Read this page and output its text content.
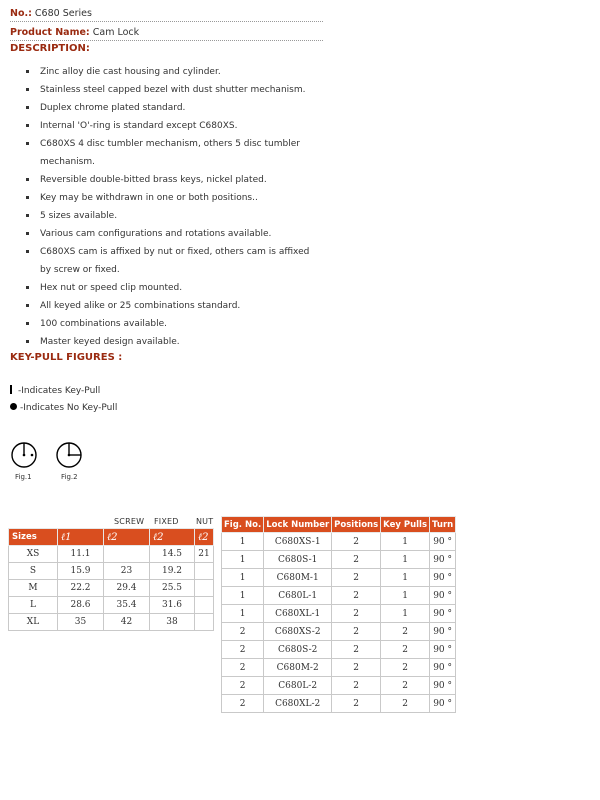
No.: C680 Series
Product Name: Cam Lock
DESCRIPTION:
Zinc alloy die cast housing and cylinder.
Stainless steel capped bezel with dust shutter mechanism.
Duplex chrome plated standard.
Internal 'O'-ring is standard except C680XS.
C680XS 4 disc tumbler mechanism, others 5 disc tumbler mechanism.
Reversible double-bitted brass keys, nickel plated.
Key may be withdrawn in one or both positions..
5 sizes available.
Various cam configurations and rotations available.
C680XS cam is affixed by nut or fixed, others cam is affixed by screw or fixed.
Hex nut or speed clip mounted.
All keyed alike or 25 combinations standard.
100 combinations available.
Master keyed design available.
KEY-PULL FIGURES :
-Indicates Key-Pull
-Indicates No Key-Pull
Fig.1	Fig.2
SCREW FIXED NUT
Sizes	ℓ1	ℓ2	ℓ2	ℓ2
XS	11.1		14.5	21
S	15.9	23	19.2	
M	22.2	29.4	25.5	
L	28.6	35.4	31.6	
XL	35	42	38	
Fig. No.	Lock Number	Positions	Key Pulls	Turn
1	C680XS-1	2	1	90 °
1	C680S-1	2	1	90 °
1	C680M-1	2	1	90 °
1	C680L-1	2	1	90 °
1	C680XL-1	2	1	90 °
2	C680XS-2	2	2	90 °
2	C680S-2	2	2	90 °
2	C680M-2	2	2	90 °
2	C680L-2	2	2	90 °
2	C680XL-2	2	2	90 °
